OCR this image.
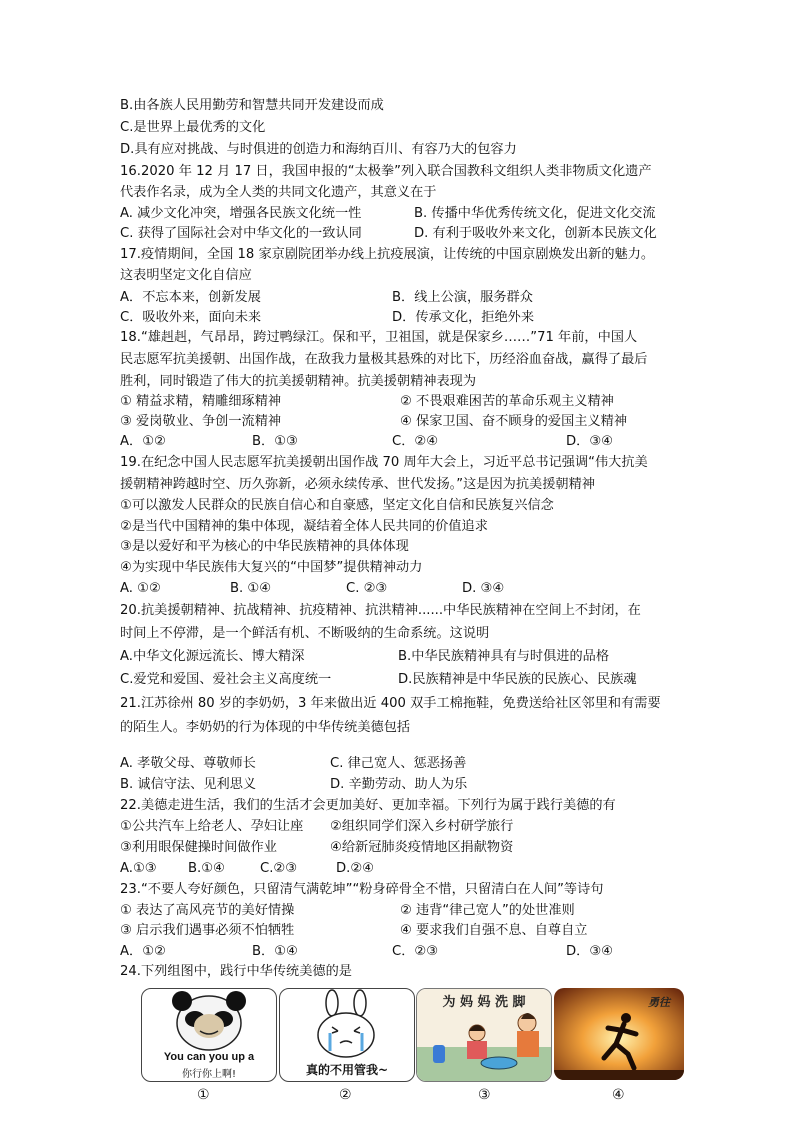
B.由各族人民用勤劳和智慧共同开发建设而成
C.是世界上最优秀的文化
D.具有应对挑战、与时俱进的创造力和海纳百川、有容乃大的包容力
16.2020 年 12 月 17 日，我国申报的“太极拳”列入联合国教科文组织人类非物质文化遗产
代表作名录，成为全人类的共同文化遗产，其意义在于
A. 减少文化冲突，增强各民族文化统一性	B. 传播中华优秀传统文化，促进文化交流
C. 获得了国际社会对中华文化的一致认同	D. 有利于吸收外来文化，创新本民族文化
17.疫情期间，全国 18 家京剧院团举办线上抗疫展演，让传统的中国京剧焕发出新的魅力。
这表明坚定文化自信应
A．不忘本来，创新发展	B．线上公演，服务群众
C．吸收外来，面向未来	D．传承文化，拒绝外来
18.“雄赳赳，气昂昂，跨过鸭绿江。保和平，卫祖国，就是保家乡……”71 年前，中国人
民志愿军抗美援朝、出国作战，在敌我力量极其悬殊的对比下，历经浴血奋战，赢得了最后
胜利，同时锻造了伟大的抗美援朝精神。抗美援朝精神表现为
① 精益求精，精雕细琢精神	② 不畏艰难困苦的革命乐观主义精神
③ 爱岗敬业、争创一流精神	④ 保家卫国、奋不顾身的爱国主义精神
A．①②	B．①③	C．②④	D．③④
19.在纪念中国人民志愿军抗美援朝出国作战 70 周年大会上，习近平总书记强调“伟大抗美
援朝精神跨越时空、历久弥新，必须永续传承、世代发扬。”这是因为抗美援朝精神
①可以激发人民群众的民族自信心和自豪感，坚定文化自信和民族复兴信念
②是当代中国精神的集中体现，凝结着全体人民共同的价值追求
③是以爱好和平为核心的中华民族精神的具体体现
④为实现中华民族伟大复兴的“中国梦”提供精神动力
A. ①②	B. ①④	C. ②③	D. ③④
20.抗美援朝精神、抗战精神、抗疫精神、抗洪精神......中华民族精神在空间上不封闭，在
时间上不停滞，是一个鲜活有机、不断吸纳的生命系统。这说明
A.中华文化源远流长、博大精深	B.中华民族精神具有与时俱进的品格
C.爱党和爱国、爱社会主义高度统一	D.民族精神是中华民族的民族心、民族魂
21.江苏徐州 80 岁的李奶奶，3 年来做出近 400 双手工棉拖鞋，免费送给社区邻里和有需要
的陌生人。李奶奶的行为体现的中华传统美德包括
A. 孝敬父母、尊敬师长	C. 律己宽人、惩恶扬善
B. 诚信守法、见利思义	D. 辛勤劳动、助人为乐
22.美德走进生活，我们的生活才会更加美好、更加幸福。下列行为属于践行美德的有
①公共汽车上给老人、孕妇让座 ②组织同学们深入乡村研学旅行
③利用眼保健操时间做作业	④给新冠肺炎疫情地区捐献物资
A.①③ B.①④	C.②③	D.②④
23.“不要人夸好颜色，只留清气满乾坤”“粉身碎骨全不惜，只留清白在人间”等诗句
① 表达了高风亮节的美好情操	② 违背“律己宽人”的处世准则
③ 启示我们遇事必须不怕牺牲	④ 要求我们自强不息、自尊自立
A．①②	B．①④	C．②③	D．③④
24.下列组图中，践行中华传统美德的是
You can you up a
你行你上啊!	真的不用管我~
为 妈 妈 洗 脚	勇往
①	②	③	④
